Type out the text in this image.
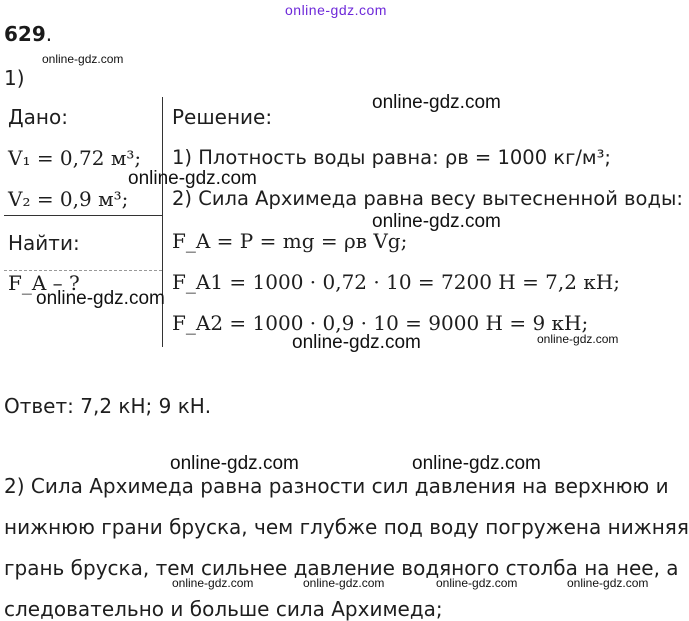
online-gdz.com
629.
online-gdz.com
1)
Дано:
V₁ = 0,72 м³;
V₂ = 0,9 м³;
Найти:
F_A – ?
Решение:
1) Плотность воды равна: ρв = 1000 кг/м³;
2) Сила Архимеда равна весу вытесненной воды:
F_A = P = mg = ρв Vg;
F_A1 = 1000 · 0,72 · 10 = 7200 Н = 7,2 кН;
F_A2 = 1000 · 0,9 · 10 = 9000 Н = 9 кН;
online-gdz.com
online-gdz.com
online-gdz.com
online-gdz.com
online-gdz.com	online-gdz.com
Ответ: 7,2 кН; 9 кН.
online-gdz.com	online-gdz.com
2) Сила Архимеда равна разности сил давления на верхнюю и
нижнюю грани бруска, чем глубже под воду погружена нижняя
грань бруска, тем сильнее давление водяного столба на нее, а
следовательно и больше сила Архимеда;
online-gdz.com	online-gdz.com	online-gdz.com	online-gdz.com
